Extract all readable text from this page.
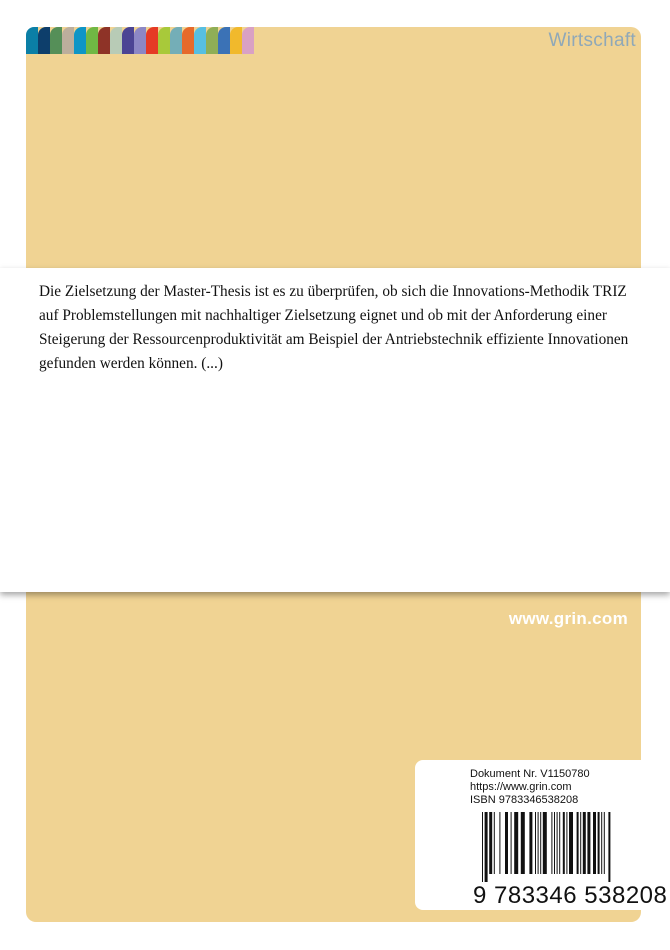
Wirtschaft
Die Zielsetzung der Master-Thesis ist es zu überprüfen, ob sich die Innovations-Methodik TRIZ auf Problemstellungen mit nachhaltiger Zielsetzung eignet und ob mit der Anforderung einer Steigerung der Ressourcenproduktivität am Beispiel der Antriebstechnik effiziente Innovationen gefunden werden können. (...)
www.grin.com
Dokument Nr. V1150780
https://www.grin.com
ISBN 9783346538208
9 783346 538208
